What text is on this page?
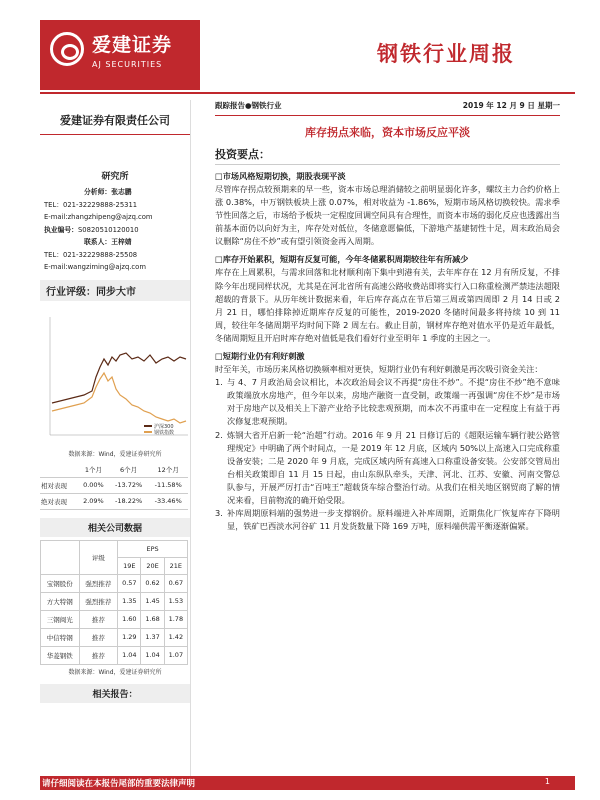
爱建证券
AJ SECURITIES	钢铁行业周报
爱建证券有限责任公司
研究所
分析师：张志鹏
TEL：021-32229888-25311
E-mail:zhangzhipeng@ajzq.com
执业编号：S0820510120010
联系人：王梓婧
TEL：021-32229888-25508
E-mail:wangziming@ajzq.com
行业评级：同步大市
沪深300
钢铁指数
数据来源：Wind，爱建证券研究所
	1个月	6个月	12个月
相对表现	0.00%	-13.72%	-11.58%
绝对表现	2.09%	-18.22%	-33.46%
相关公司数据
	评级	EPS		
		19E	20E	21E
宝钢股份	强烈推荐	0.57	0.62	0.67
方大特钢	强烈推荐	1.35	1.45	1.53
三钢闽光	推荐	1.60	1.68	1.78
中信特钢	推荐	1.29	1.37	1.42
华菱钢铁	推荐	1.04	1.04	1.07
数据来源：Wind，爱建证券研究所
相关报告：
跟踪报告●钢铁行业	2019 年 12 月 9 日 星期一
库存拐点来临，资本市场反应平淡
投资要点：
□市场风格短期切换，期股表现平淡

尽管库存拐点较预期来的早一些，资本市场总理消储较之前明显弱化许多，螺纹主力合约价格上涨 0.38%，中万钢铁板块上涨 0.07%，相对收益为 -1.86%，短期市场风格切换较快。需求季节性回落之后，市场给予板块一定程度回调空间具有合理性，而资本市场的弱化反应也透露出当前基本面仍以向好为主，库存处对低位，冬储意愿偏低，下游地产基建韧性十足，周末政治局会议删除“房住不炒”或有望引领资金再入周期。

□库存开始累积，短期有反复可能，今年冬储累积周期较往年有所减少

库存在上周累积，与需求回落和北材顺利南下集中到港有关，去年库存在 12 月有所反复，不排除今年出现同样状况，尤其是在河北省所有高速公路收费站即将实行入口称重检测严禁违法超限超载的背景下。从历年统计数据来看，年后库存高点在节后第三周或第四周即 2 月 14 日或 2 月 21 日，哪怕排除掉近期库存反复的可能性，2019-2020 冬储时间最多将持续 10 到 11 周，较往年冬储周期平均时间下降 2 周左右。截止目前，钢材库存绝对值水平仍是近年最低，冬储周期短且开启时库存绝对值低是我们看好行业至明年 1 季度的主因之一。

□短期行业仍有利好刺激

时至年关，市场历来风格切换频率相对更快，短期行业仍有利好刺激是再次吸引资金关注：

1. 与 4、7 月政治局会议相比，本次政治局会议不再提“房住不炒”。不提“房住不炒”绝不意味政策端放水房地产，但今年以来，房地产融资一直受制，政策端一再强调“房住不炒”是市场对于房地产以及相关上下游产业给予比较悲观预期，而本次不再重申在一定程度上有益于再次修复悲观预期。

2. 炼钢大省开启新一轮“治超”行动。2016 年 9 月 21 日修订后的《超限运输车辆行驶公路管理规定》中明确了两个时间点，一是 2019 年 12 月底，区域内 50%以上高速入口完成称重设备安装；二是 2020 年 9 月底，完成区域内所有高速入口称重设备安装。公安部交管局出台相关政策即自 11 月 15 日起，由山东纵队牵头，天津、河北、江苏、安徽、河南交警总队参与，开展严厉打击“百吨王”超载货车综合整治行动。从我们在相关地区钢贸商了解的情况来看，目前物流的确开始受限。

3. 补库周期原料端的强势进一步支撑钢价。原料端进入补库周期，近期焦化厂恢复库存下降明显，铁矿巴西淡水河谷矿 11 月发货数量下降 169 万吨，原料端供需平衡逐渐偏紧。

请仔细阅读在本报告尾部的重要法律声明	1
